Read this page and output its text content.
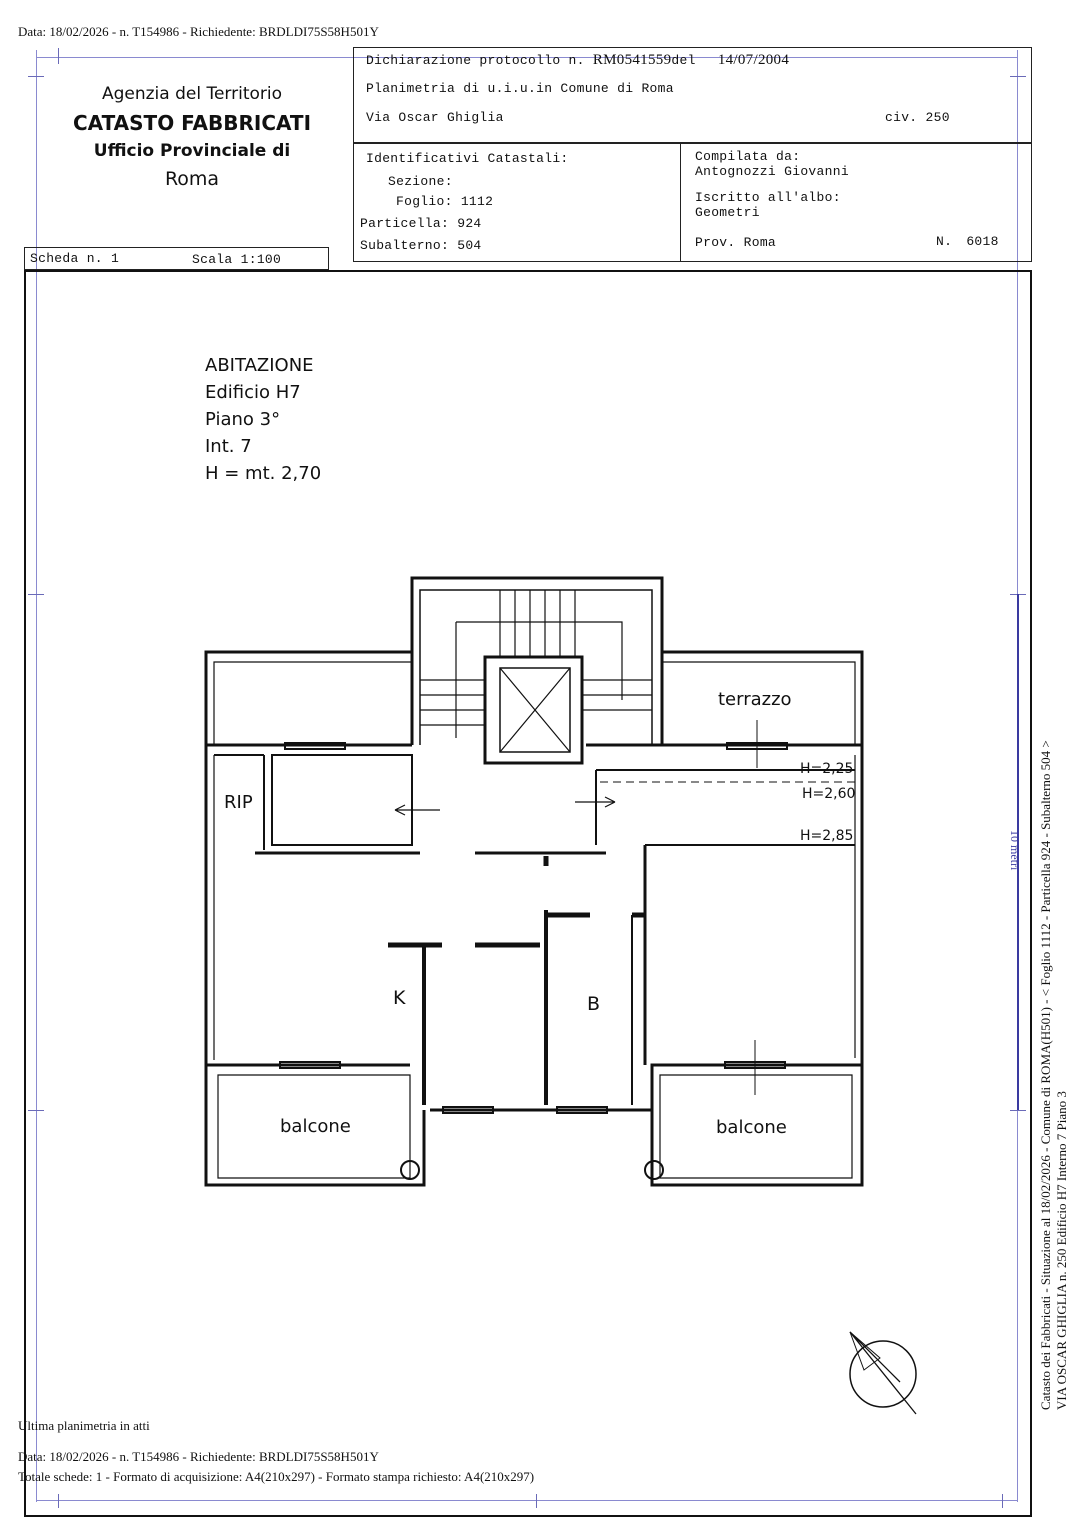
Data: 18/02/2026 - n. T154986 - Richiedente: BRDLDI75S58H501Y
10 metri
Agenzia del Territorio
CATASTO FABBRICATI
Ufficio Provinciale di
Roma
Dichiarazione protocollo n. RM0541559del 14/07/2004
Planimetria di u.i.u.in Comune di Roma
Via Oscar Ghiglia	civ. 250
Identificativi Catastali:
Sezione:
Foglio: 1112
Particella: 924
Subalterno: 504
Compilata da:
Antognozzi Giovanni
Iscritto all'albo:
Geometri
Prov. Roma	N. 6018
Scheda n. 1	Scala 1:100
ABITAZIONE
Edificio H7
Piano 3°
Int. 7
H = mt. 2,70
terrazzo
RIP
H=2,25
H=2,60
H=2,85
K	B
balcone	balcone	Catasto dei Fabbricati - Situazione al 18/02/2026 - Comune di ROMA(H501) - < Foglio 1112 - Particella 924 - Subalterno 504 > VIA OSCAR GHIGLIA n. 250 Edificio H7 Interno 7 Piano 3
Ultima planimetria in atti
Data: 18/02/2026 - n. T154986 - Richiedente: BRDLDI75S58H501Y
Totale schede: 1 - Formato di acquisizione: A4(210x297) - Formato stampa richiesto: A4(210x297)
